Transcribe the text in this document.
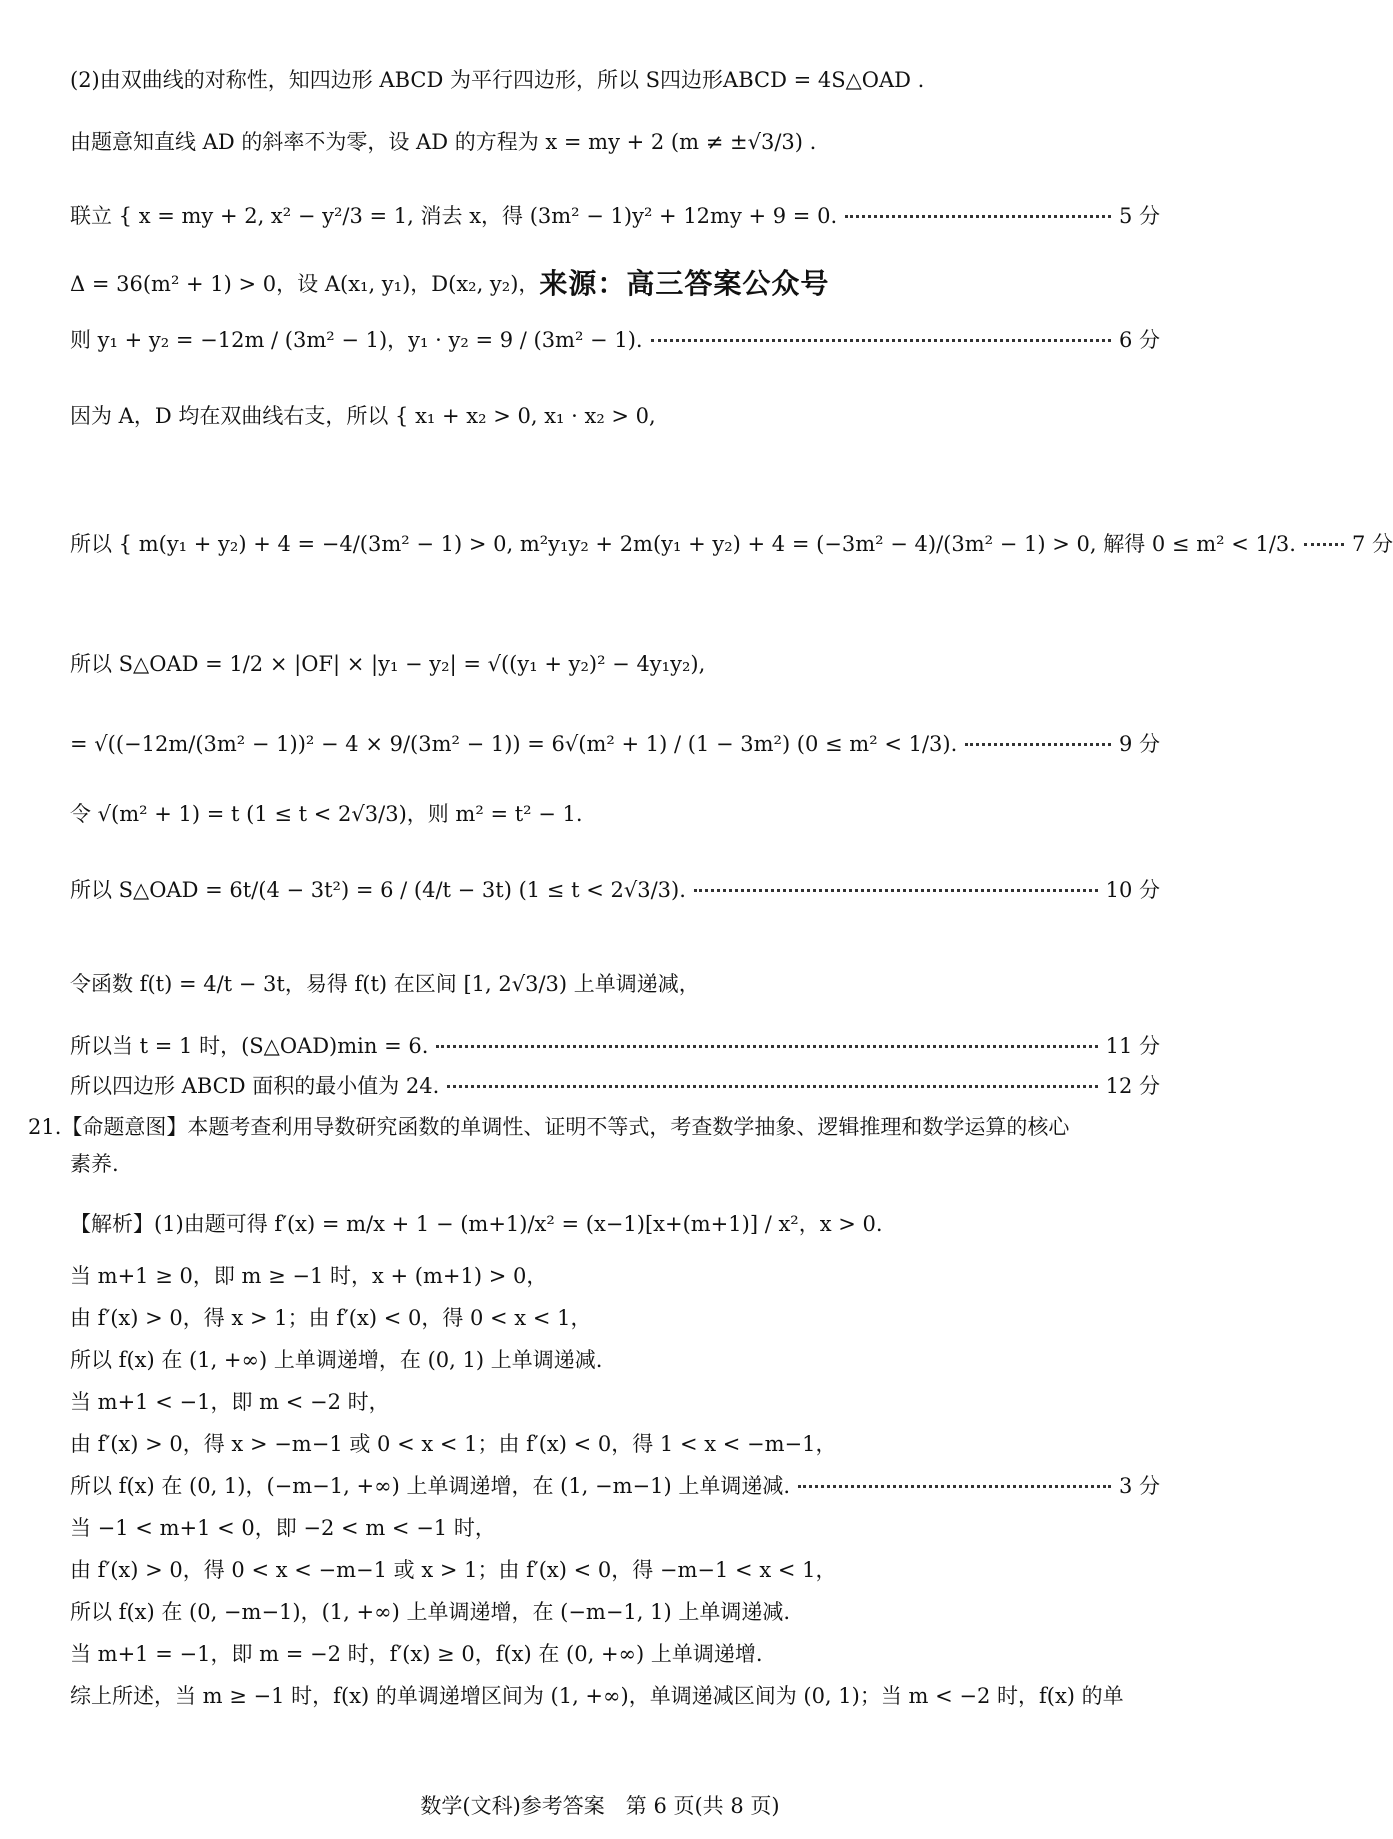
(2)由双曲线的对称性，知四边形 ABCD 为平行四边形，所以 S四边形ABCD = 4S△OAD .
由题意知直线 AD 的斜率不为零，设 AD 的方程为 x = my + 2 (m ≠ ±√3/3) .
联立 { x = my + 2, x² − y²/3 = 1, 消去 x，得 (3m² − 1)y² + 12my + 9 = 0.	5 分
Δ = 36(m² + 1) > 0，设 A(x₁, y₁)，D(x₂, y₂)， 来源：高三答案公众号
则 y₁ + y₂ = −12m / (3m² − 1)，y₁ · y₂ = 9 / (3m² − 1).	6 分
因为 A，D 均在双曲线右支，所以 { x₁ + x₂ > 0, x₁ · x₂ > 0,
所以 { m(y₁ + y₂) + 4 = −4/(3m² − 1) > 0, m²y₁y₂ + 2m(y₁ + y₂) + 4 = (−3m² − 4)/(3m² − 1) > 0, 解得 0 ≤ m² < 1/3.	7 分
所以 S△OAD = 1/2 × |OF| × |y₁ − y₂| = √((y₁ + y₂)² − 4y₁y₂),
= √((−12m/(3m² − 1))² − 4 × 9/(3m² − 1)) = 6√(m² + 1) / (1 − 3m²) (0 ≤ m² < 1/3).	9 分
令 √(m² + 1) = t (1 ≤ t < 2√3/3)，则 m² = t² − 1.
所以 S△OAD = 6t/(4 − 3t²) = 6 / (4/t − 3t) (1 ≤ t < 2√3/3).	10 分
令函数 f(t) = 4/t − 3t，易得 f(t) 在区间 [1, 2√3/3) 上单调递减，
所以当 t = 1 时，(S△OAD)min = 6.	11 分
所以四边形 ABCD 面积的最小值为 24.	12 分
21.【命题意图】本题考查利用导数研究函数的单调性、证明不等式，考查数学抽象、逻辑推理和数学运算的核心
素养.
【解析】(1)由题可得 f′(x) = m/x + 1 − (m+1)/x² = (x−1)[x+(m+1)] / x²，x > 0.
当 m+1 ≥ 0，即 m ≥ −1 时，x + (m+1) > 0，
由 f′(x) > 0，得 x > 1；由 f′(x) < 0，得 0 < x < 1，
所以 f(x) 在 (1, +∞) 上单调递增，在 (0, 1) 上单调递减.
当 m+1 < −1，即 m < −2 时，
由 f′(x) > 0，得 x > −m−1 或 0 < x < 1；由 f′(x) < 0，得 1 < x < −m−1，
所以 f(x) 在 (0, 1)，(−m−1, +∞) 上单调递增，在 (1, −m−1) 上单调递减.	3 分
当 −1 < m+1 < 0，即 −2 < m < −1 时，
由 f′(x) > 0，得 0 < x < −m−1 或 x > 1；由 f′(x) < 0，得 −m−1 < x < 1，
所以 f(x) 在 (0, −m−1)，(1, +∞) 上单调递增，在 (−m−1, 1) 上单调递减.
当 m+1 = −1，即 m = −2 时，f′(x) ≥ 0，f(x) 在 (0, +∞) 上单调递增.
综上所述，当 m ≥ −1 时，f(x) 的单调递增区间为 (1, +∞)，单调递减区间为 (0, 1)；当 m < −2 时，f(x) 的单
数学(文科)参考答案　第 6 页(共 8 页)
